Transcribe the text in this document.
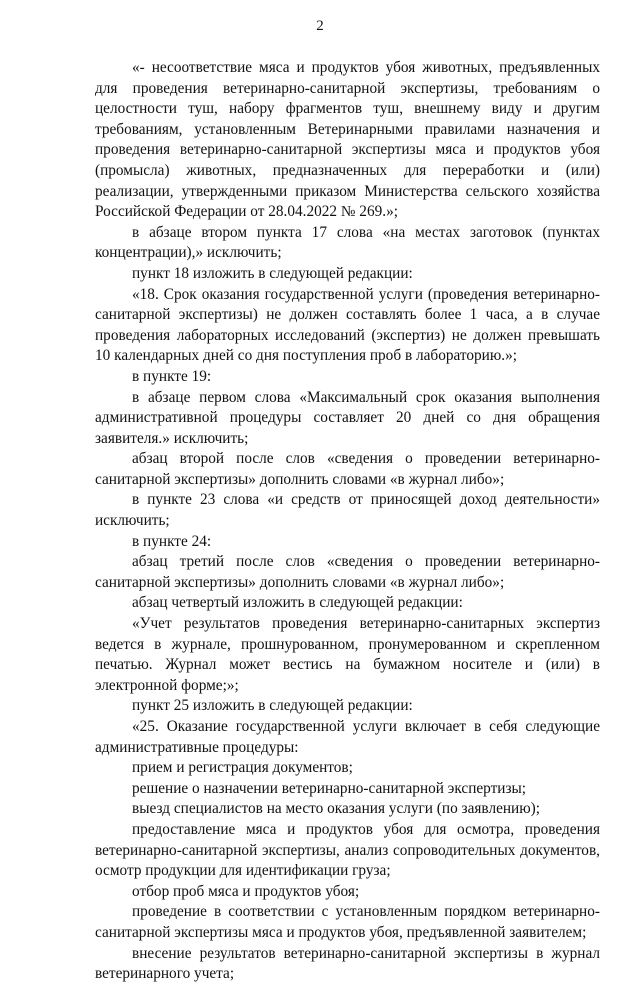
2

«- несоответствие мяса и продуктов убоя животных, предъявленных для проведения ветеринарно-санитарной экспертизы, требованиям о целостности туш, набору фрагментов туш, внешнему виду и другим требованиям, установленным Ветеринарными правилами назначения и проведения ветеринарно-санитарной экспертизы мяса и продуктов убоя (промысла) животных, предназначенных для переработки и (или) реализации, утвержденными приказом Министерства сельского хозяйства Российской Федерации от 28.04.2022 № 269.»;

в абзаце втором пункта 17 слова «на местах заготовок (пунктах концентрации),» исключить;

пункт 18 изложить в следующей редакции:

«18. Срок оказания государственной услуги (проведения ветеринарно-санитарной экспертизы) не должен составлять более 1 часа, а в случае проведения лабораторных исследований (экспертиз) не должен превышать 10 календарных дней со дня поступления проб в лабораторию.»;

в пункте 19:

в абзаце первом слова «Максимальный срок оказания выполнения административной процедуры составляет 20 дней со дня обращения заявителя.» исключить;

абзац второй после слов «сведения о проведении ветеринарно-санитарной экспертизы» дополнить словами «в журнал либо»;

в пункте 23 слова «и средств от приносящей доход деятельности» исключить;

в пункте 24:

абзац третий после слов «сведения о проведении ветеринарно-санитарной экспертизы» дополнить словами «в журнал либо»;

абзац четвертый изложить в следующей редакции:

«Учет результатов проведения ветеринарно-санитарных экспертиз ведется в журнале, прошнурованном, пронумерованном и скрепленном печатью. Журнал может вестись на бумажном носителе и (или) в электронной форме;»;

пункт 25 изложить в следующей редакции:

«25. Оказание государственной услуги включает в себя следующие административные процедуры:

прием и регистрация документов;

решение о назначении ветеринарно-санитарной экспертизы;

выезд специалистов на место оказания услуги (по заявлению);

предоставление мяса и продуктов убоя для осмотра, проведения ветеринарно-санитарной экспертизы, анализ сопроводительных документов, осмотр продукции для идентификации груза;

отбор проб мяса и продуктов убоя;

проведение в соответствии с установленным порядком ветеринарно-санитарной экспертизы мяса и продуктов убоя, предъявленной заявителем;

внесение результатов ветеринарно-санитарной экспертизы в журнал ветеринарного учета;
